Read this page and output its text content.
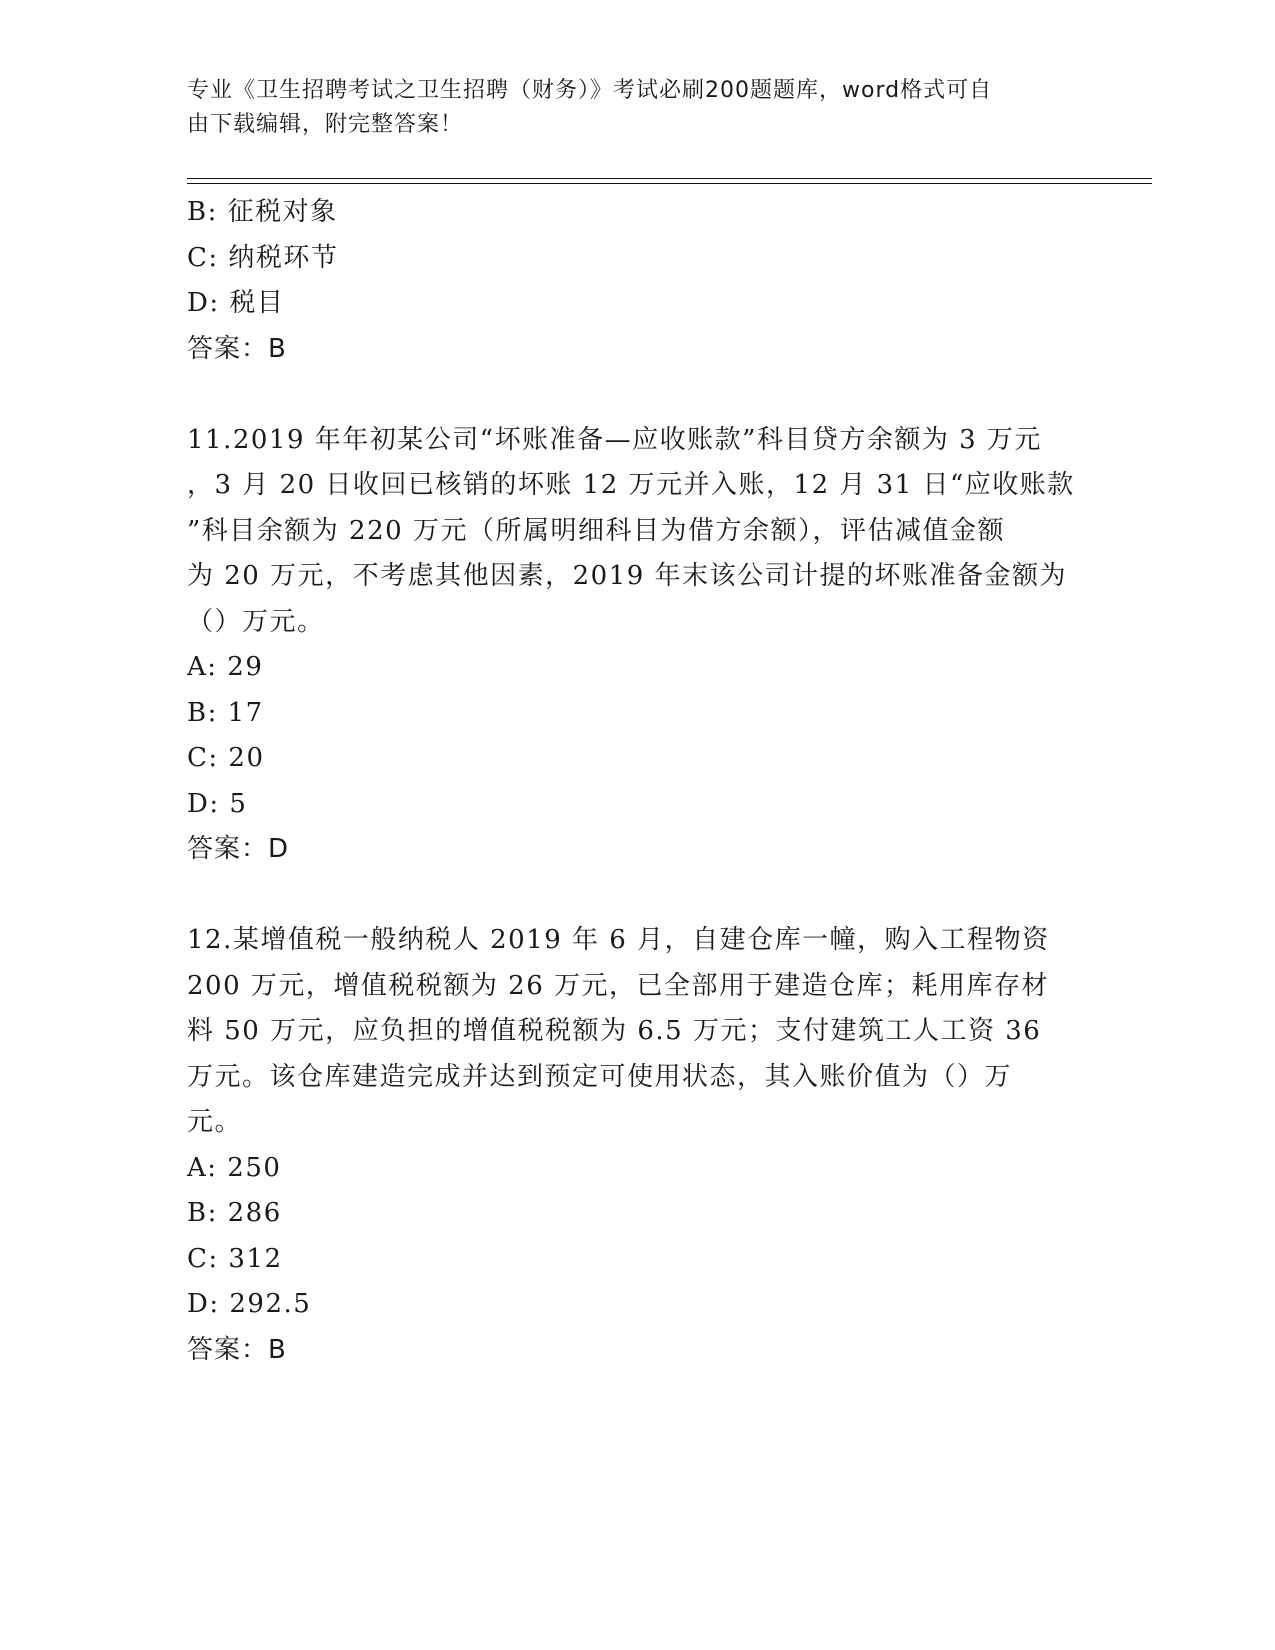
专业《卫生招聘考试之卫生招聘（财务）》考试必刷200题题库，word格式可自
由下载编辑，附完整答案！
B: 征税对象
C: 纳税环节
D: 税目
答案：B
11.2019 年年初某公司“坏账准备—应收账款”科目贷方余额为 3 万元
，3 月 20 日收回已核销的坏账 12 万元并入账，12 月 31 日“应收账款
”科目余额为 220 万元（所属明细科目为借方余额），评估减值金额
为 20 万元，不考虑其他因素，2019 年末该公司计提的坏账准备金额为
（）万元。
A: 29
B: 17
C: 20
D: 5
答案：D
12.某增值税一般纳税人 2019 年 6 月，自建仓库一幢，购入工程物资
200 万元，增值税税额为 26 万元，已全部用于建造仓库；耗用库存材
料 50 万元，应负担的增值税税额为 6.5 万元；支付建筑工人工资 36
万元。该仓库建造完成并达到预定可使用状态，其入账价值为（）万
元。
A: 250
B: 286
C: 312
D: 292.5
答案：B
